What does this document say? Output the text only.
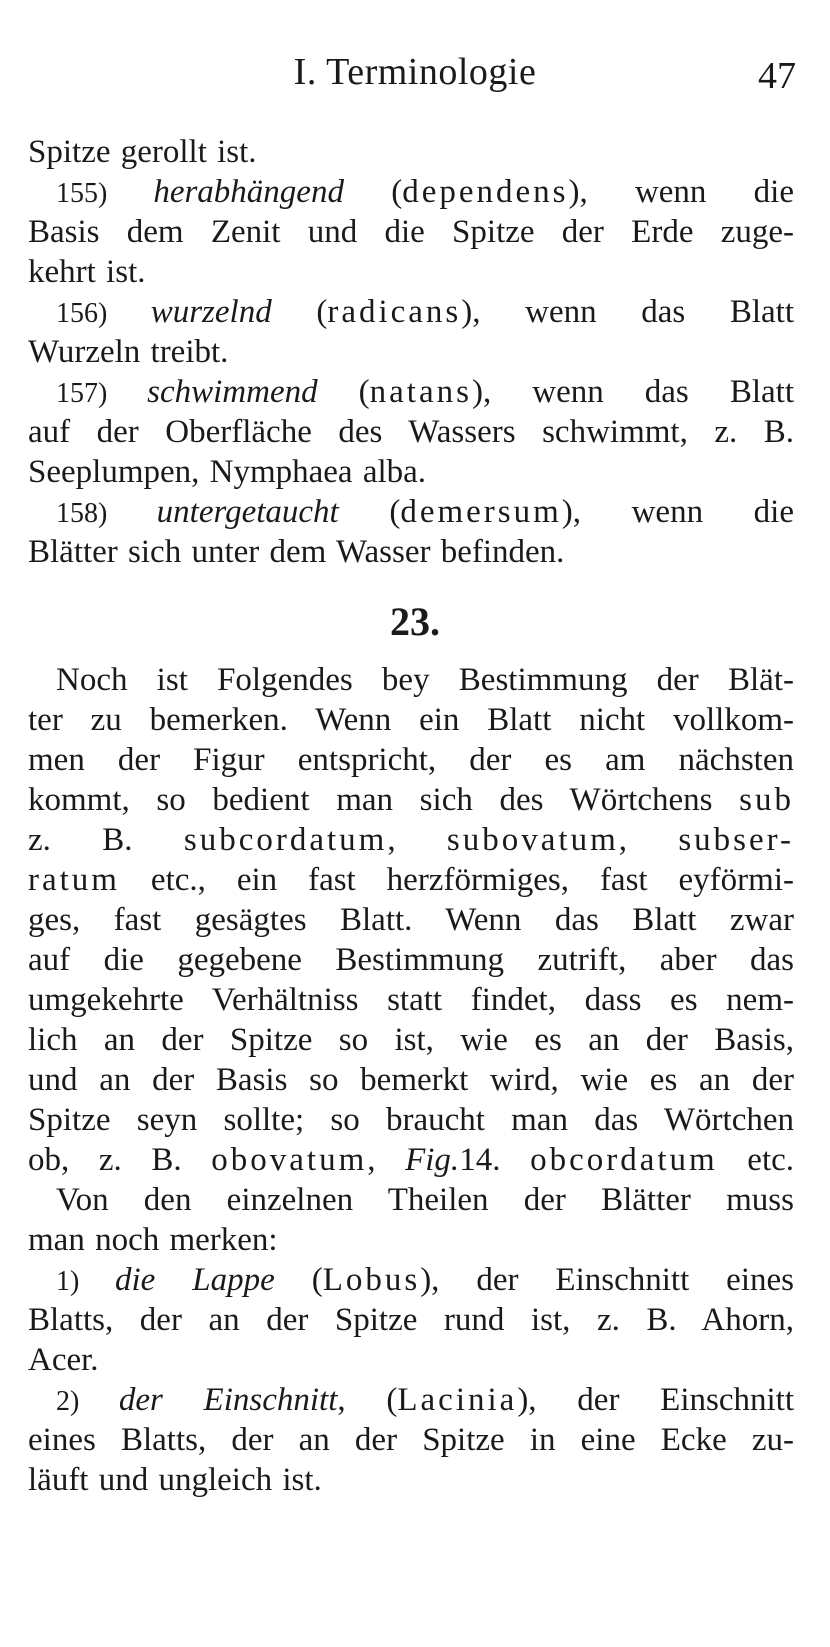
I. Terminologie	47
Spitze gerollt ist.
155) herabhängend (dependens), wenn die
Basis dem Zenit und die Spitze der Erde zuge-
kehrt ist.
156) wurzelnd (radicans), wenn das Blatt
Wurzeln treibt.
157) schwimmend (natans), wenn das Blatt
auf der Oberfläche des Wassers schwimmt, z. B.
Seeplumpen, Nymphaea alba.
158) untergetaucht (demersum), wenn die
Blätter sich unter dem Wasser befinden.
23.
Noch ist Folgendes bey Bestimmung der Blät-
ter zu bemerken. Wenn ein Blatt nicht vollkom-
men der Figur entspricht, der es am nächsten
kommt, so bedient man sich des Wörtchens sub
z. B. subcordatum, subovatum, subser-
ratum etc., ein fast herzförmiges, fast eyförmi-
ges, fast gesägtes Blatt. Wenn das Blatt zwar
auf die gegebene Bestimmung zutrift, aber das
umgekehrte Verhältniss statt findet, dass es nem-
lich an der Spitze so ist, wie es an der Basis,
und an der Basis so bemerkt wird, wie es an der
Spitze seyn sollte; so braucht man das Wörtchen
ob, z. B. obovatum, Fig.14. obcordatum etc.
Von den einzelnen Theilen der Blätter muss
man noch merken:
1) die Lappe (Lobus), der Einschnitt eines
Blatts, der an der Spitze rund ist, z. B. Ahorn,
Acer.
2) der Einschnitt, (Lacinia), der Einschnitt
eines Blatts, der an der Spitze in eine Ecke zu-
läuft und ungleich ist.
